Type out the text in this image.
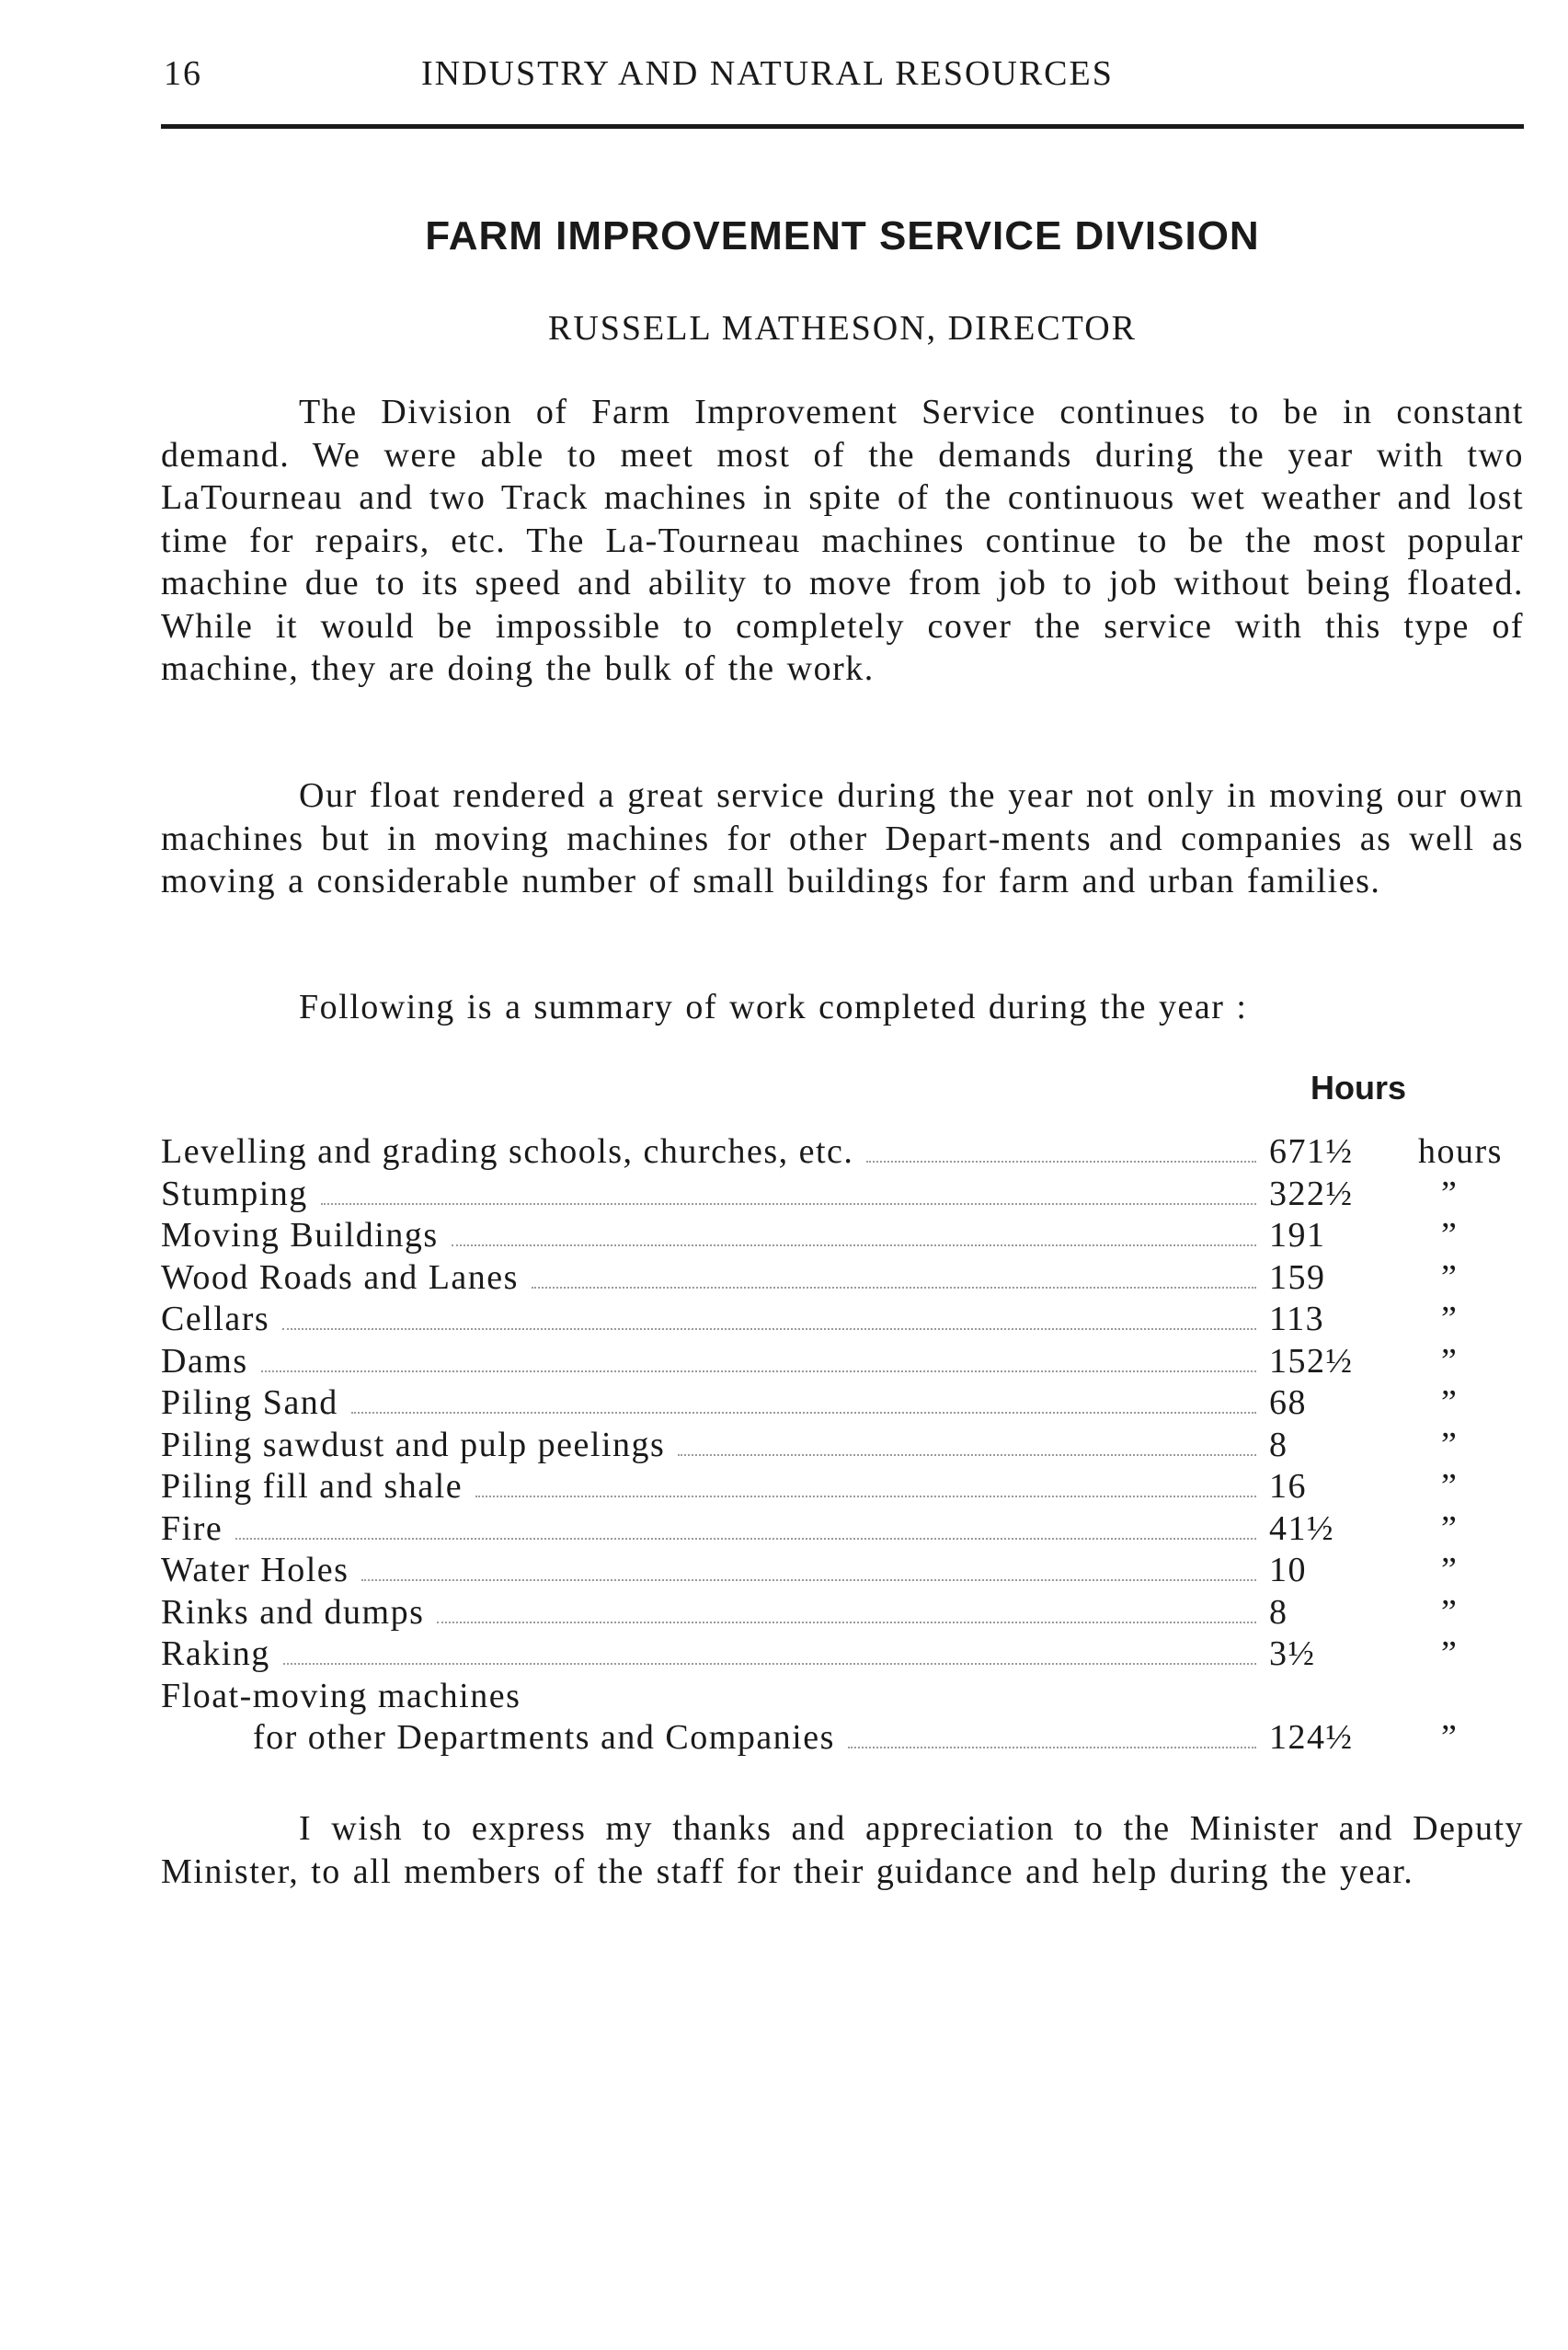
16	INDUSTRY AND NATURAL RESOURCES
FARM IMPROVEMENT SERVICE DIVISION
RUSSELL MATHESON, DIRECTOR

The Division of Farm Improvement Service continues to be in constant demand. We were able to meet most of the demands during the year with two LaTourneau and two Track machines in spite of the continuous wet weather and lost time for repairs, etc. The La-Tourneau machines continue to be the most popular machine due to its speed and ability to move from job to job without being floated. While it would be impossible to completely cover the service with this type of machine, they are doing the bulk of the work.

Our float rendered a great service during the year not only in moving our own machines but in moving machines for other Depart-ments and companies as well as moving a considerable number of small buildings for farm and urban families.

Following is a summary of work completed during the year :

Hours
Levelling and grading schools, churches, etc.	671½	hours
Stumping	322½	”
Moving Buildings	191	”
Wood Roads and Lanes	159	”
Cellars	113	”
Dams	152½	”
Piling Sand	68	”
Piling sawdust and pulp peelings	8	”
Piling fill and shale	16	”
Fire	41½	”
Water Holes	10	”
Rinks and dumps	8	”
Raking	3½	”
Float-moving machines
for other Departments and Companies	124½	”

I wish to express my thanks and appreciation to the Minister and Deputy Minister, to all members of the staff for their guidance and help during the year.
